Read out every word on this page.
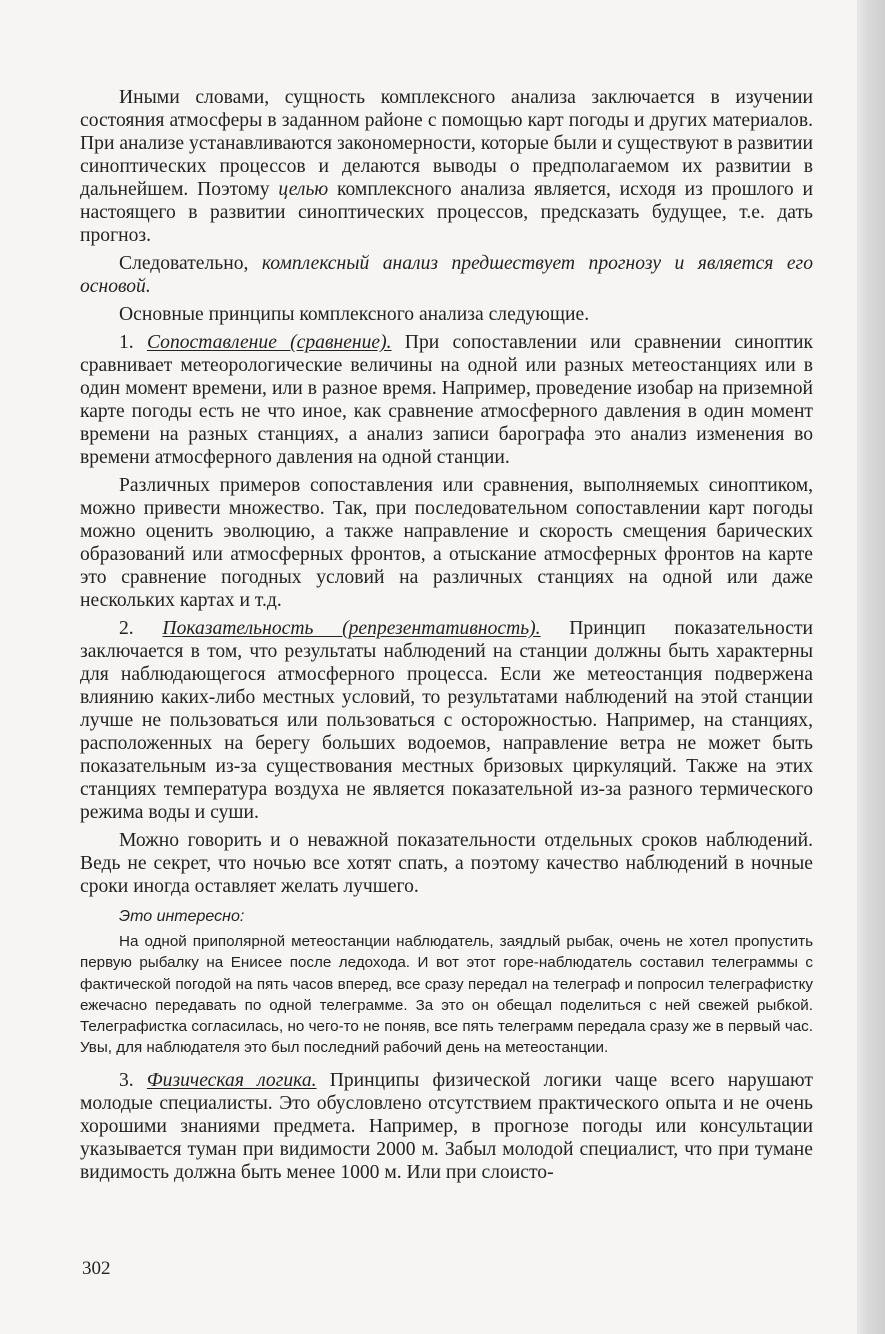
Иными словами, сущность комплексного анализа заключается в изучении состояния атмосферы в заданном районе с помощью карт погоды и других материалов. При анализе устанавливаются закономерности, которые были и существуют в развитии синоптических процессов и делаются выводы о предполагаемом их развитии в дальнейшем. Поэтому целью комплексного анализа является, исходя из прошлого и настоящего в развитии синоптических процессов, предсказать будущее, т.е. дать прогноз.

Следовательно, комплексный анализ предшествует прогнозу и является его основой.

Основные принципы комплексного анализа следующие.

1. Сопоставление (сравнение). При сопоставлении или сравнении синоптик сравнивает метеорологические величины на одной или разных метеостанциях или в один момент времени, или в разное время. Например, проведение изобар на приземной карте погоды есть не что иное, как сравнение атмосферного давления в один момент времени на разных станциях, а анализ записи барографа это анализ изменения во времени атмосферного давления на одной станции.

Различных примеров сопоставления или сравнения, выполняемых синоптиком, можно привести множество. Так, при последовательном сопоставлении карт погоды можно оценить эволюцию, а также направление и скорость смещения барических образований или атмосферных фронтов, а отыскание атмосферных фронтов на карте это сравнение погодных условий на различных станциях на одной или даже нескольких картах и т.д.

2. Показательность (репрезентативность). Принцип показательности заключается в том, что результаты наблюдений на станции должны быть характерны для наблюдающегося атмосферного процесса. Если же метеостанция подвержена влиянию каких-либо местных условий, то результатами наблюдений на этой станции лучше не пользоваться или пользоваться с осторожностью. Например, на станциях, расположенных на берегу больших водоемов, направление ветра не может быть показательным из-за существования местных бризовых циркуляций. Также на этих станциях температура воздуха не является показательной из-за разного термического режима воды и суши.

Можно говорить и о неважной показательности отдельных сроков наблюдений. Ведь не секрет, что ночью все хотят спать, а поэтому качество наблюдений в ночные сроки иногда оставляет желать лучшего.

Это интересно:
На одной приполярной метеостанции наблюдатель, заядлый рыбак, очень не хотел пропустить первую рыбалку на Енисее после ледохода. И вот этот горе-наблюдатель составил телеграммы с фактической погодой на пять часов вперед, все сразу передал на телеграф и попросил телеграфистку ежечасно передавать по одной телеграмме. За это он обещал поделиться с ней свежей рыбкой. Телеграфистка согласилась, но чего-то не поняв, все пять телеграмм передала сразу же в первый час. Увы, для наблюдателя это был последний рабочий день на метеостанции.

3. Физическая логика. Принципы физической логики чаще всего нарушают молодые специалисты. Это обусловлено отсутствием практического опыта и не очень хорошими знаниями предмета. Например, в прогнозе погоды или консультации указывается туман при видимости 2000 м. Забыл молодой специалист, что при тумане видимость должна быть менее 1000 м. Или при слоисто-

302
